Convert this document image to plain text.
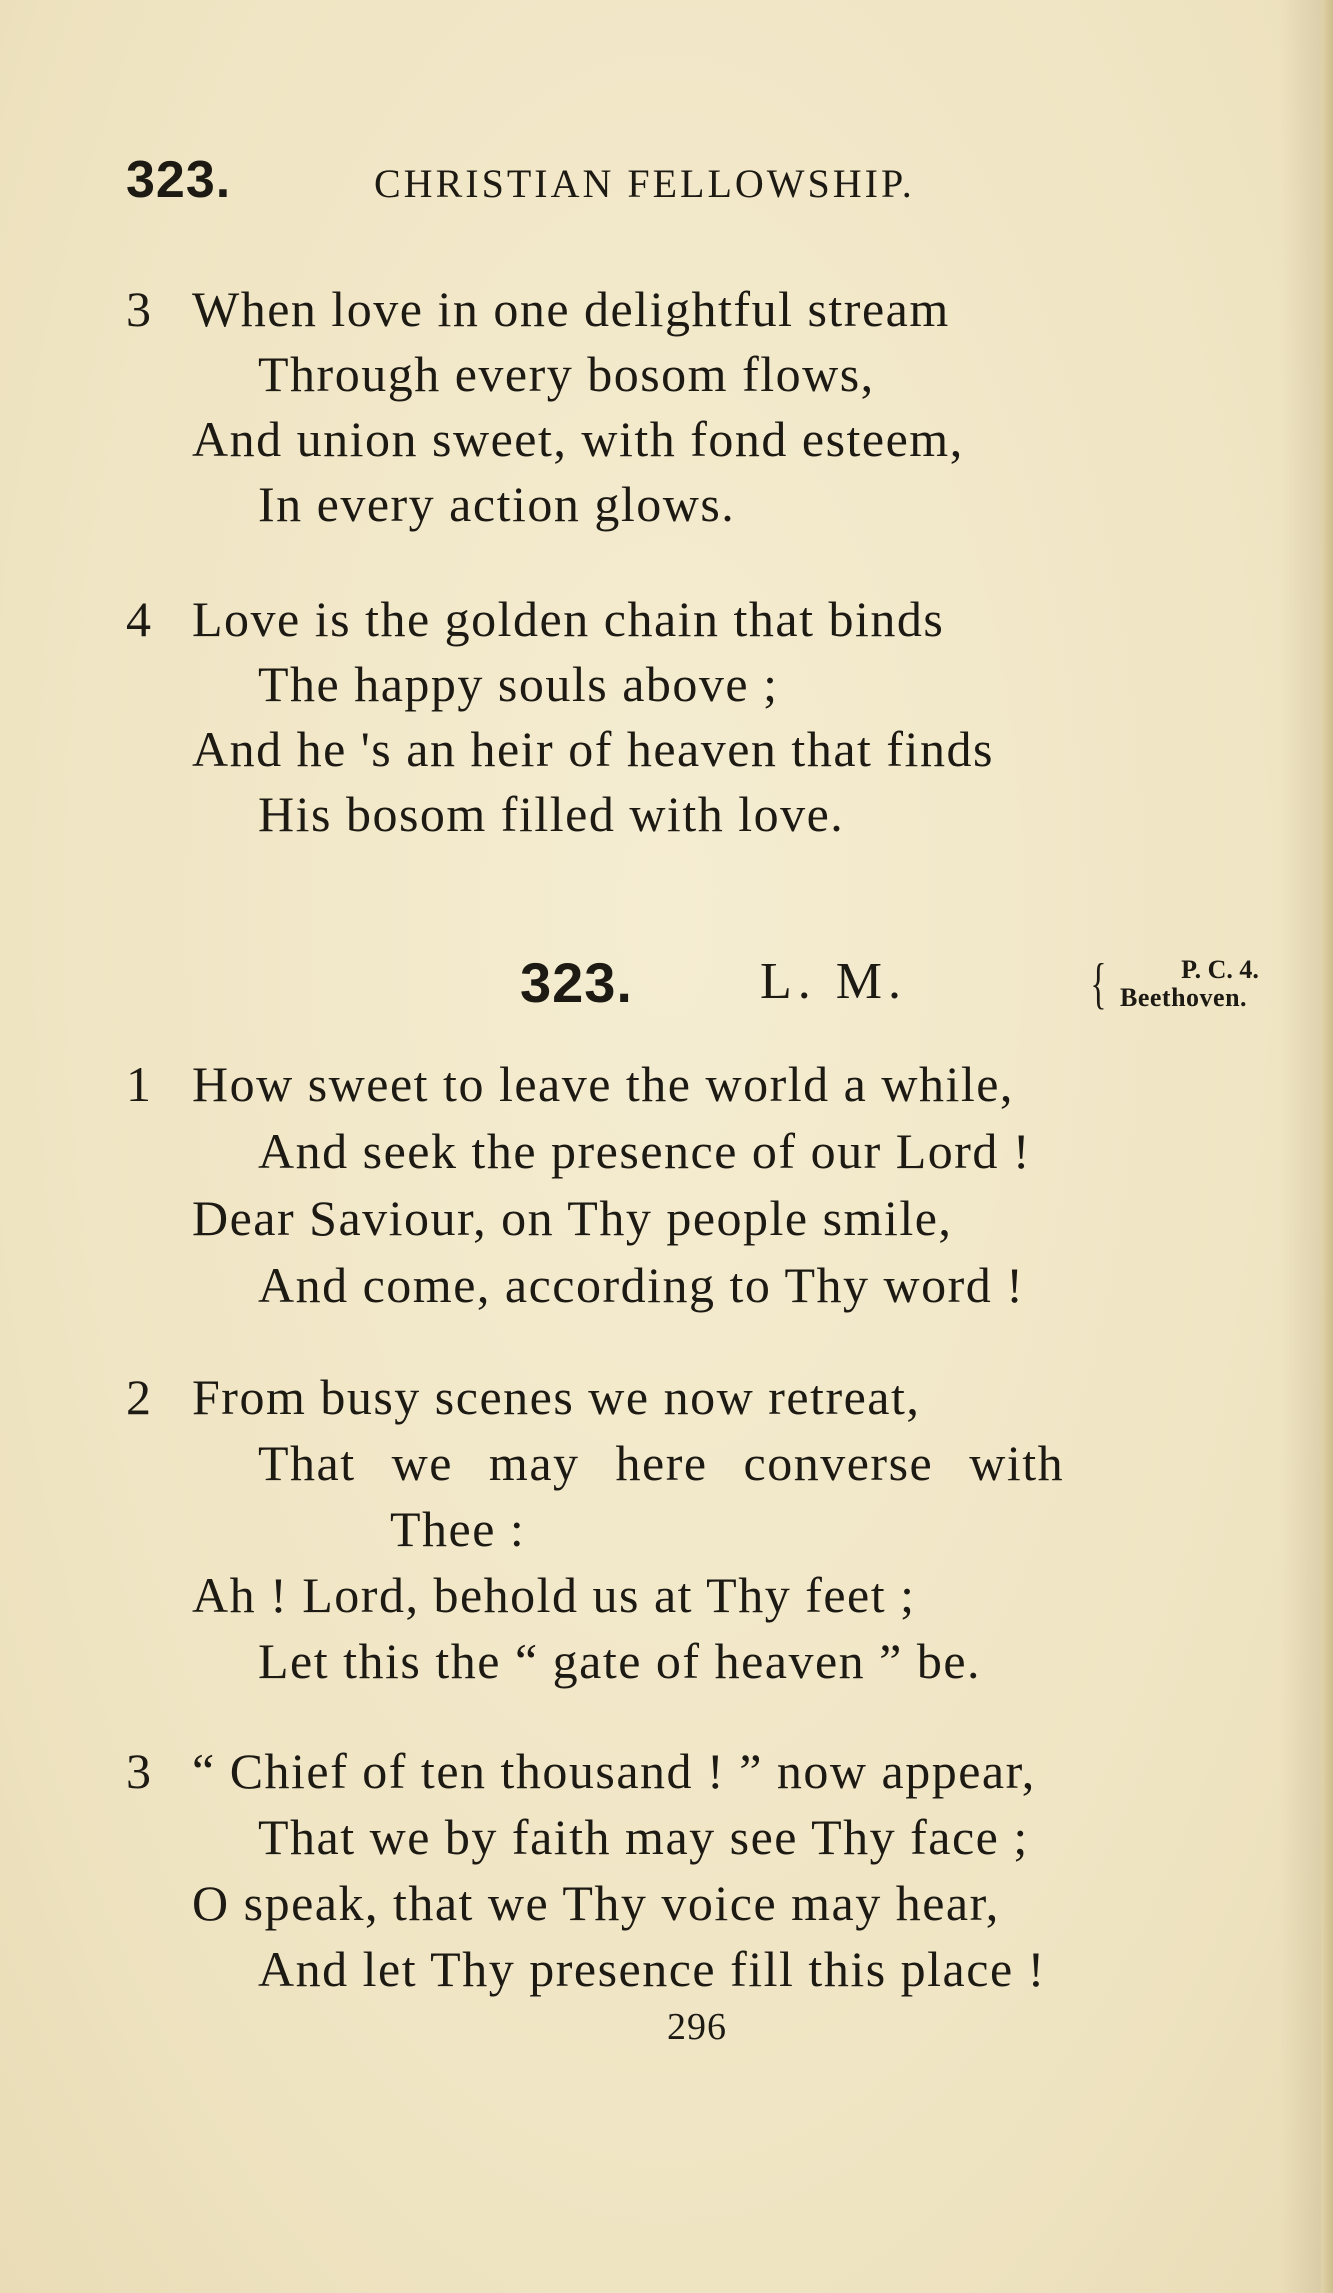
323.	CHRISTIAN FELLOWSHIP.
3 When love in one delightful stream
Through every bosom flows,
And union sweet, with fond esteem,
In every action glows.
4 Love is the golden chain that binds
The happy souls above ;
And he 's an heir of heaven that finds
His bosom filled with love.
323. L. M.	{	P. C. 4.
Beethoven.
1 How sweet to leave the world a while,
And seek the presence of our Lord !
Dear Saviour, on Thy people smile,
And come, according to Thy word !
2 From busy scenes we now retreat,
That we may here converse with
Thee :
Ah ! Lord, behold us at Thy feet ;
Let this the “ gate of heaven ” be.
3 “ Chief of ten thousand ! ” now appear,
That we by faith may see Thy face ;
O speak, that we Thy voice may hear,
And let Thy presence fill this place !
296
